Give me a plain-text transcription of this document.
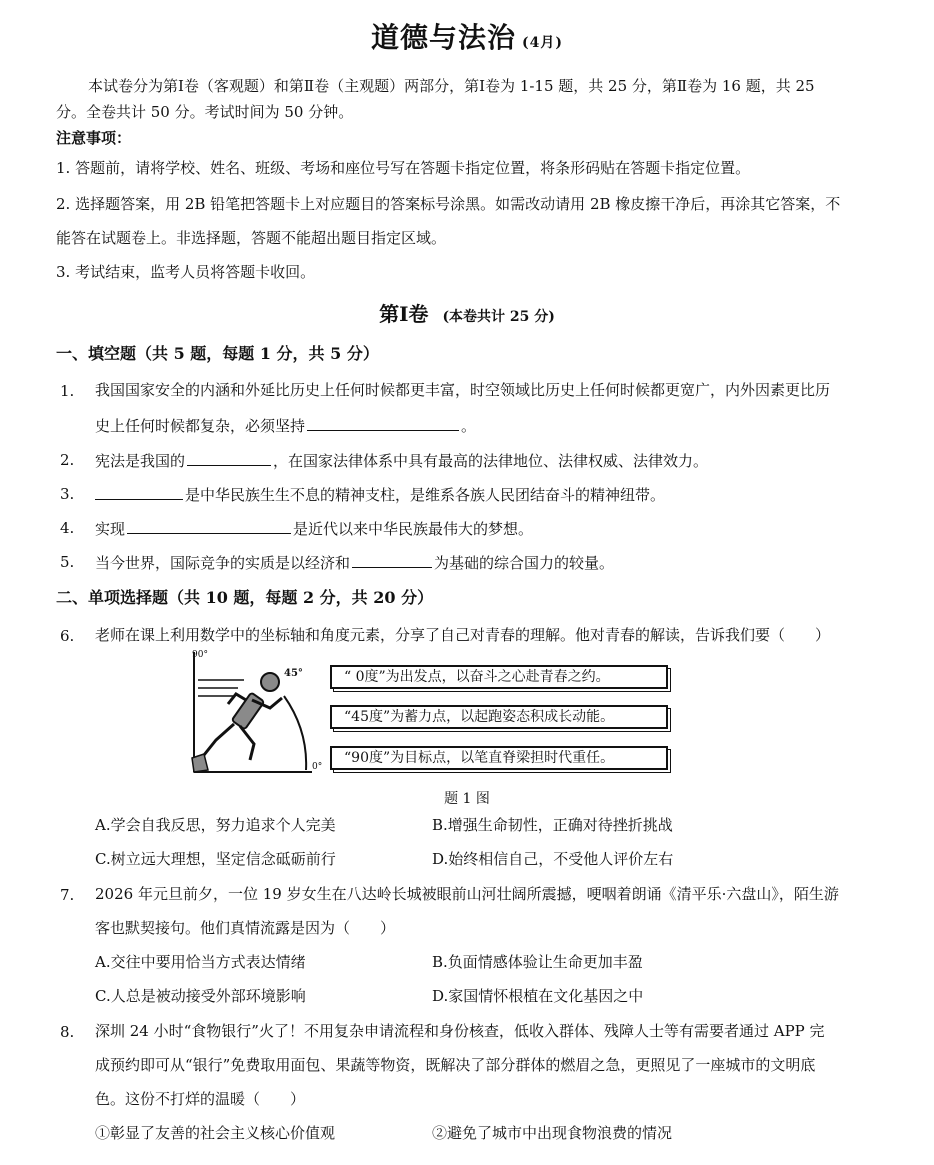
道德与法治 (4月)
本试卷分为第Ⅰ卷（客观题）和第Ⅱ卷（主观题）两部分，第Ⅰ卷为 1-15 题，共 25 分，第Ⅱ卷为 16 题，共 25
分。全卷共计 50 分。考试时间为 50 分钟。
注意事项：
1. 答题前，请将学校、姓名、班级、考场和座位号写在答题卡指定位置，将条形码贴在答题卡指定位置。
2. 选择题答案，用 2B 铅笔把答题卡上对应题目的答案标号涂黑。如需改动请用 2B 橡皮擦干净后，再涂其它答案，不
能答在试题卷上。非选择题，答题不能超出题目指定区域。
3. 考试结束，监考人员将答题卡收回。
第Ⅰ卷 (本卷共计 25 分)
一、填空题（共 5 题，每题 1 分，共 5 分）
1. 我国国家安全的内涵和外延比历史上任何时候都更丰富，时空领域比历史上任何时候都更宽广，内外因素更比历
史上任何时候都复杂，必须坚持	。
2. 宪法是我国的	，在国家法律体系中具有最高的法律地位、法律权威、法律效力。
3.	是中华民族生生不息的精神支柱，是维系各族人民团结奋斗的精神纽带。
4. 实现	是近代以来中华民族最伟大的梦想。
5. 当今世界，国际竞争的实质是以经济和	为基础的综合国力的较量。
二、单项选择题（共 10 题，每题 2 分，共 20 分）
6. 老师在课上利用数学中的坐标轴和角度元素，分享了自己对青春的理解。他对青春的解读，告诉我们要（　　）
90°
45°
0°
“ 0度”为出发点，以奋斗之心赴青春之约。
“45度”为蓄力点，以起跑姿态积成长动能。
“90度”为目标点，以笔直脊梁担时代重任。
题 1 图
A.学会自我反思，努力追求个人完美	B.增强生命韧性，正确对待挫折挑战
C.树立远大理想，坚定信念砥砺前行	D.始终相信自己，不受他人评价左右
7. 2026 年元旦前夕，一位 19 岁女生在八达岭长城被眼前山河壮阔所震撼，哽咽着朗诵《清平乐·六盘山》，陌生游
客也默契接句。他们真情流露是因为（　　）
A.交往中要用恰当方式表达情绪	B.负面情感体验让生命更加丰盈
C.人总是被动接受外部环境影响	D.家国情怀根植在文化基因之中
8. 深圳 24 小时“食物银行”火了！不用复杂申请流程和身份核查，低收入群体、残障人士等有需要者通过 APP 完
成预约即可从“银行”免费取用面包、果蔬等物资，既解决了部分群体的燃眉之急，更照见了一座城市的文明底
色。这份不打烊的温暖（　　）
①彰显了友善的社会主义核心价值观	②避免了城市中出现食物浪费的情况
